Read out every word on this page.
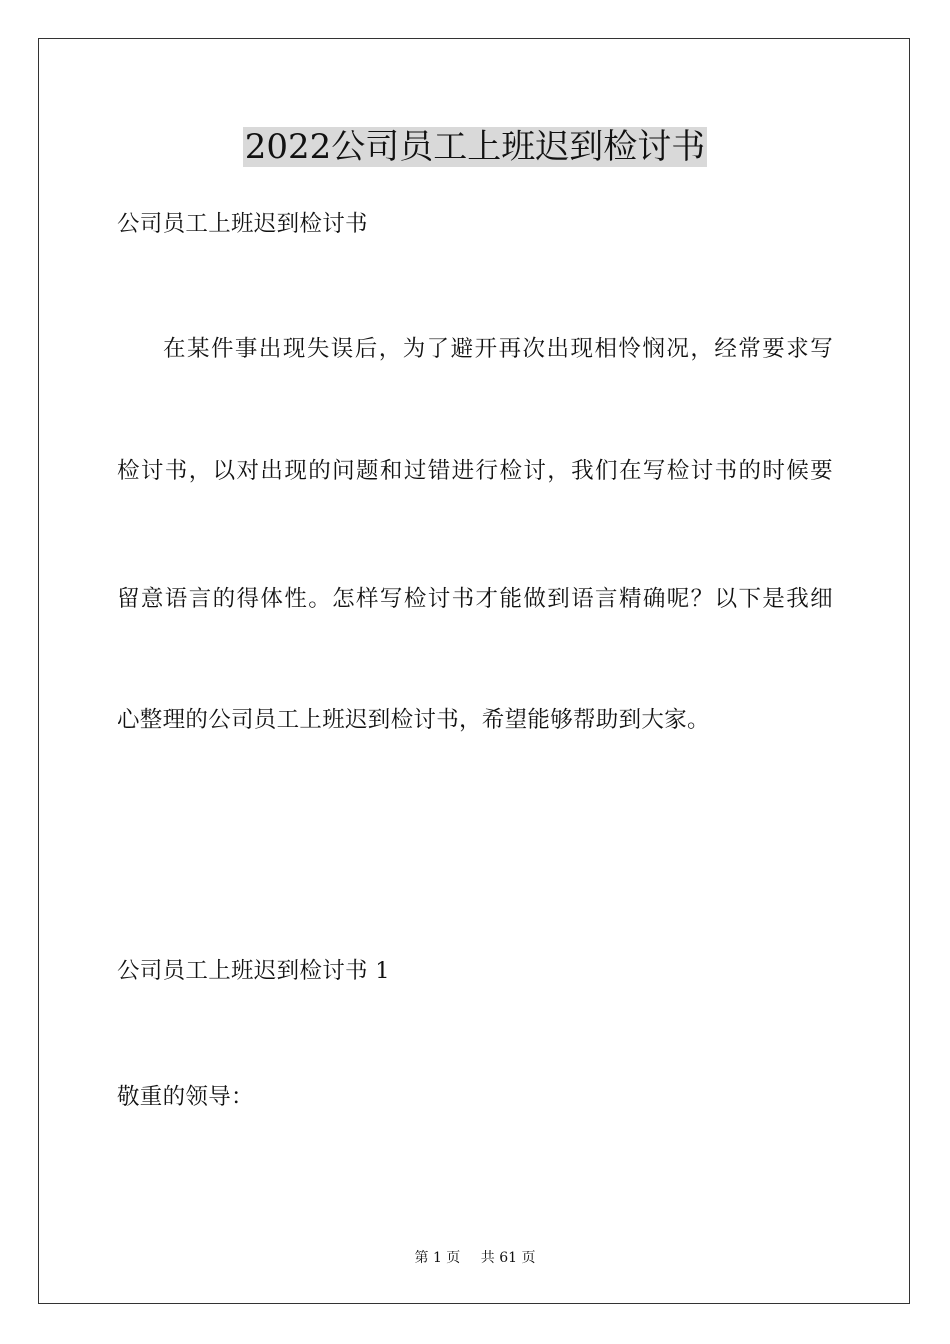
2022公司员工上班迟到检讨书
公司员工上班迟到检讨书
在某件事出现失误后，为了避开再次出现相怜悯况，经常要求写
检讨书，以对出现的问题和过错进行检讨，我们在写检讨书的时候要
留意语言的得体性。怎样写检讨书才能做到语言精确呢？以下是我细
心整理的公司员工上班迟到检讨书，希望能够帮助到大家。
公司员工上班迟到检讨书 1
敬重的领导：
第 1 页 共 61 页
